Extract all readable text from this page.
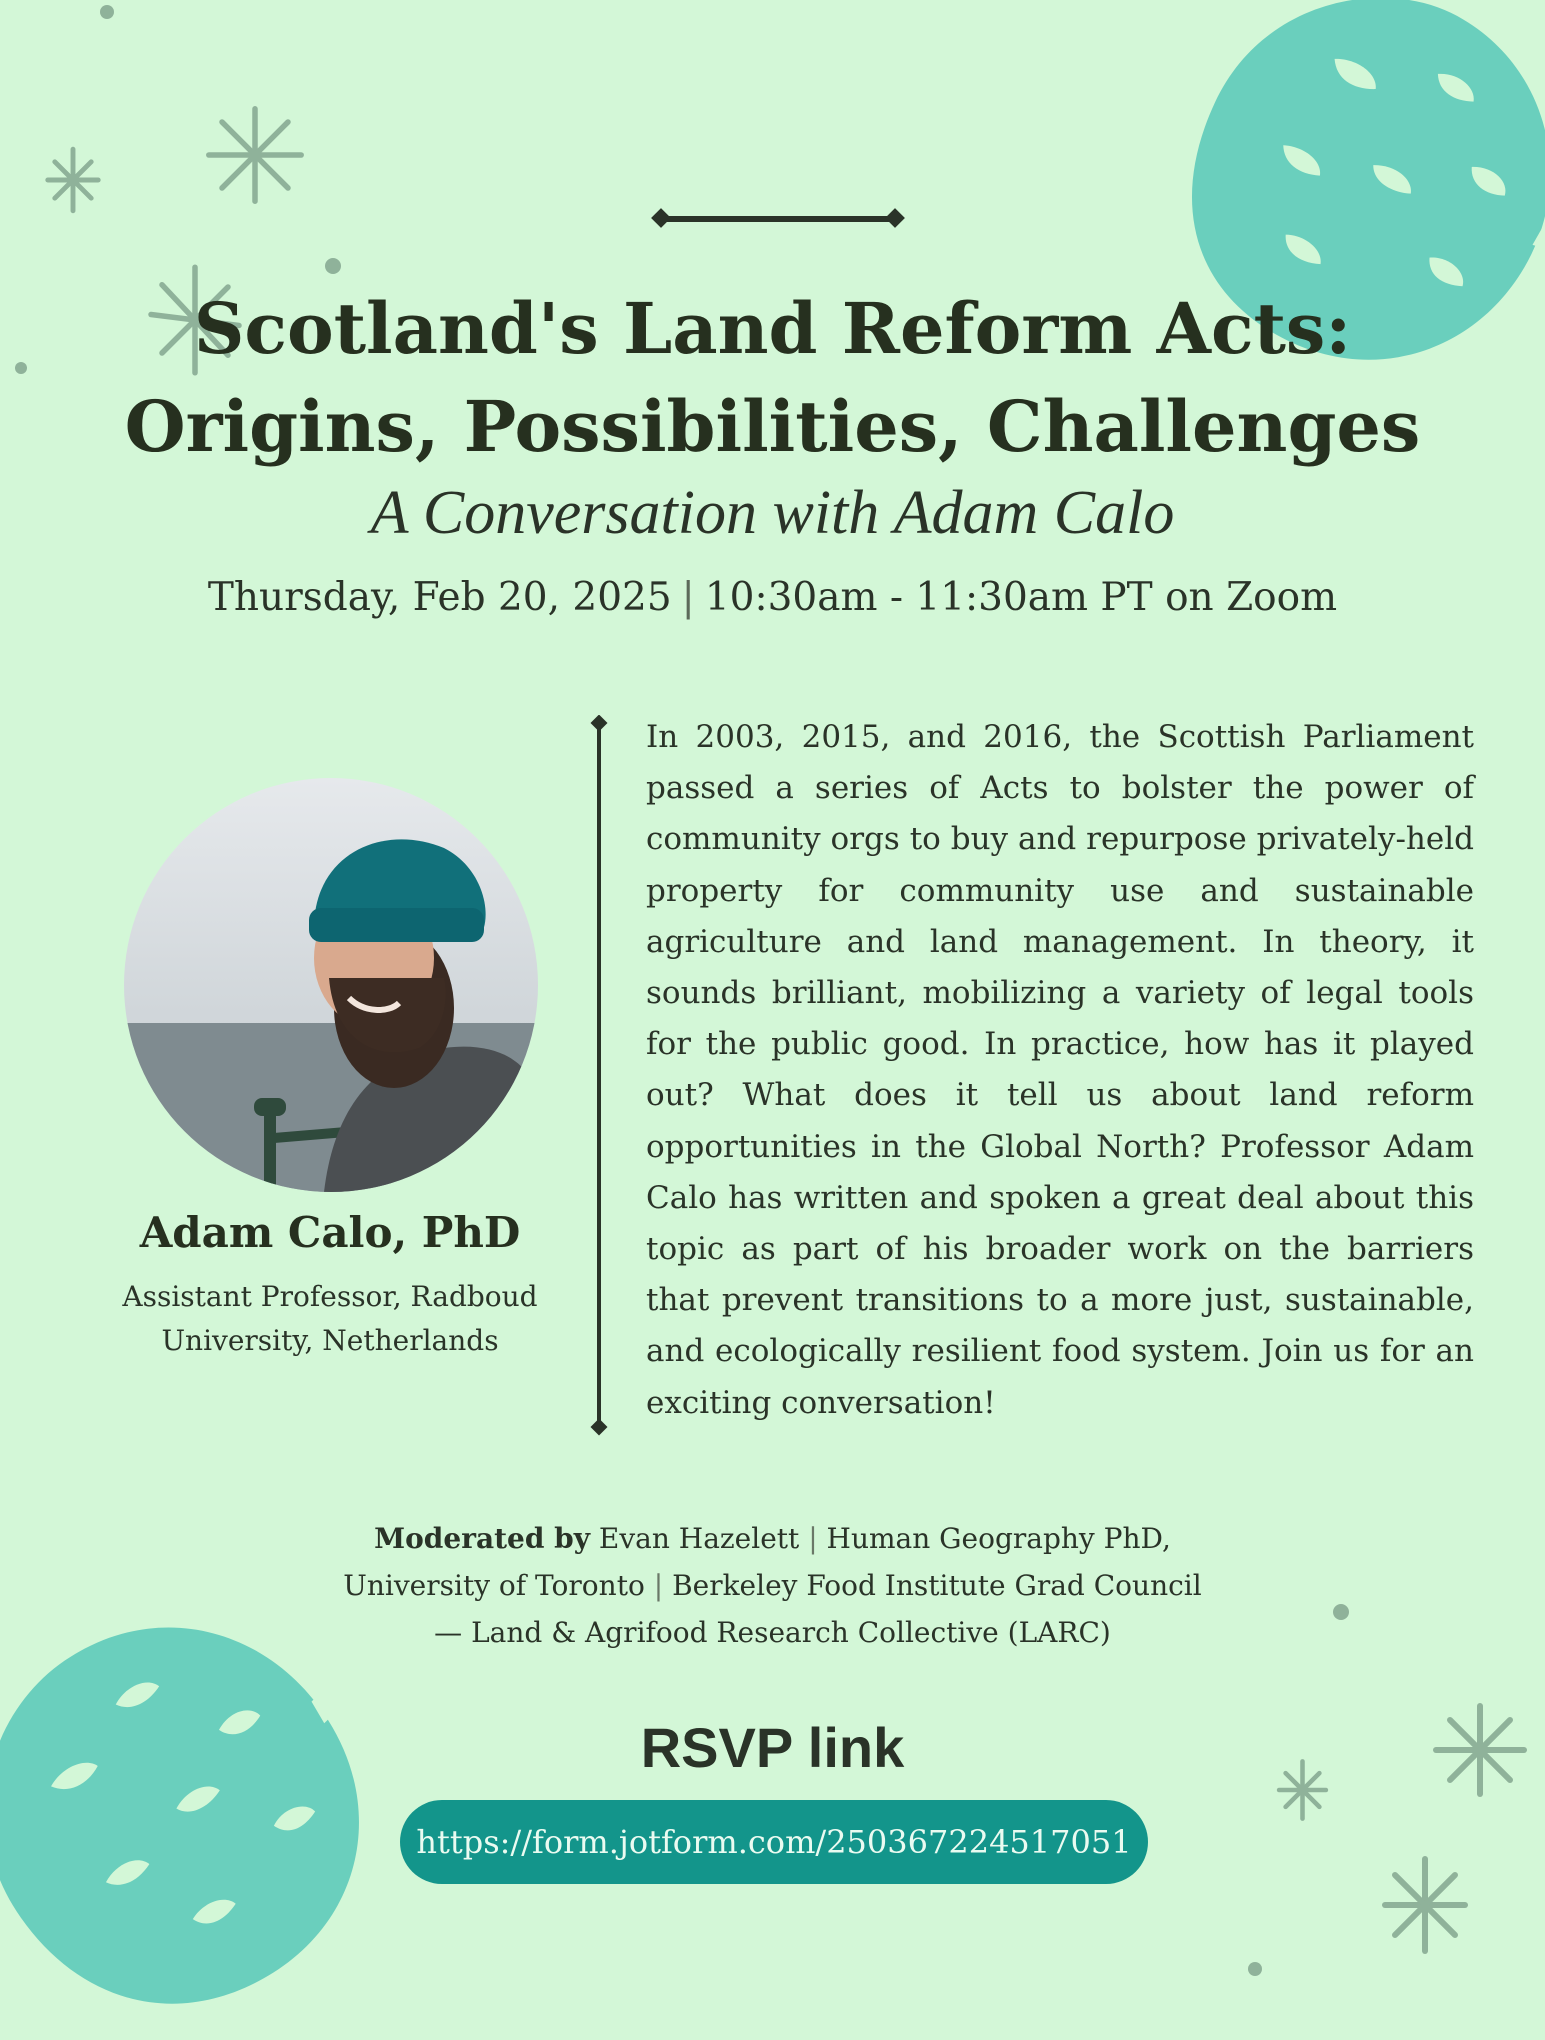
Scotland's Land Reform Acts:
Origins, Possibilities, Challenges
A Conversation with Adam Calo
Thursday, Feb 20, 2025 | 10:30am - 11:30am PT on Zoom
Adam Calo, PhD
Assistant Professor, Radboud
University, Netherlands
In 2003, 2015, and 2016, the Scottish Parliament passed a series of Acts to bolster the power of community orgs to buy and repurpose privately-held property for community use and sustainable agriculture and land management. In theory, it sounds brilliant, mobilizing a variety of legal tools for the public good. In practice, how has it played out? What does it tell us about land reform opportunities in the Global North? Professor Adam Calo has written and spoken a great deal about this topic as part of his broader work on the barriers that prevent transitions to a more just, sustainable, and ecologically resilient food system. Join us for an exciting conversation!
Moderated by Evan Hazelett | Human Geography PhD,
University of Toronto | Berkeley Food Institute Grad Council
— Land & Agrifood Research Collective (LARC)
RSVP link
https://form.jotform.com/250367224517051
